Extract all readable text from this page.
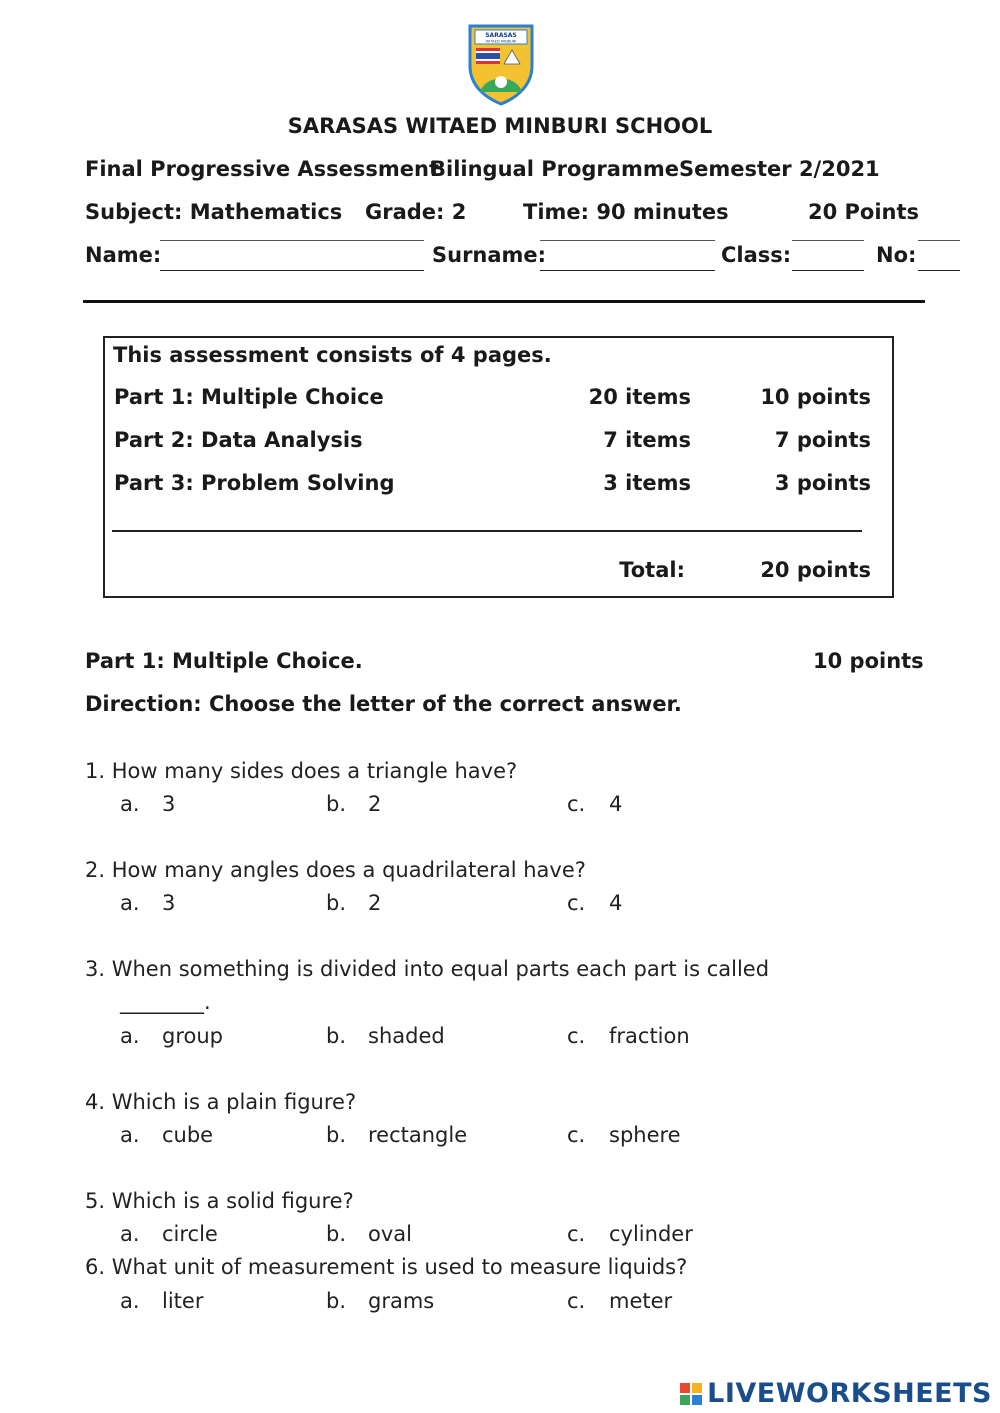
SARASAS
WITAED MINBURI
SARASAS WITAED MINBURI SCHOOL
Final Progressive Assessment
Bilingual Programme Semester 2/2021
Subject: Mathematics Grade: 2	Time: 90 minutes	20 Points
Name:	Surname:	Class:	No:
This assessment consists of 4 pages.
Part 1: Multiple Choice	20 items	10 points
Part 2: Data Analysis	7 items	7 points
Part 3: Problem Solving	3 items	3 points
Total:	20 points
Part 1: Multiple Choice.	10 points
Direction: Choose the letter of the correct answer.
1. How many sides does a triangle have?
a. 3	b. 2	c. 4
2. How many angles does a quadrilateral have?
a. 3	b. 2	c. 4
3. When something is divided into equal parts each part is called
________.
a. group	b. shaded	c. fraction
4. Which is a plain figure?
a. cube	b. rectangle	c. sphere
5. Which is a solid figure?
a. circle	b. oval	c. cylinder
6. What unit of measurement is used to measure liquids?
a. liter	b. grams	c. meter
LIVEWORKSHEETS
